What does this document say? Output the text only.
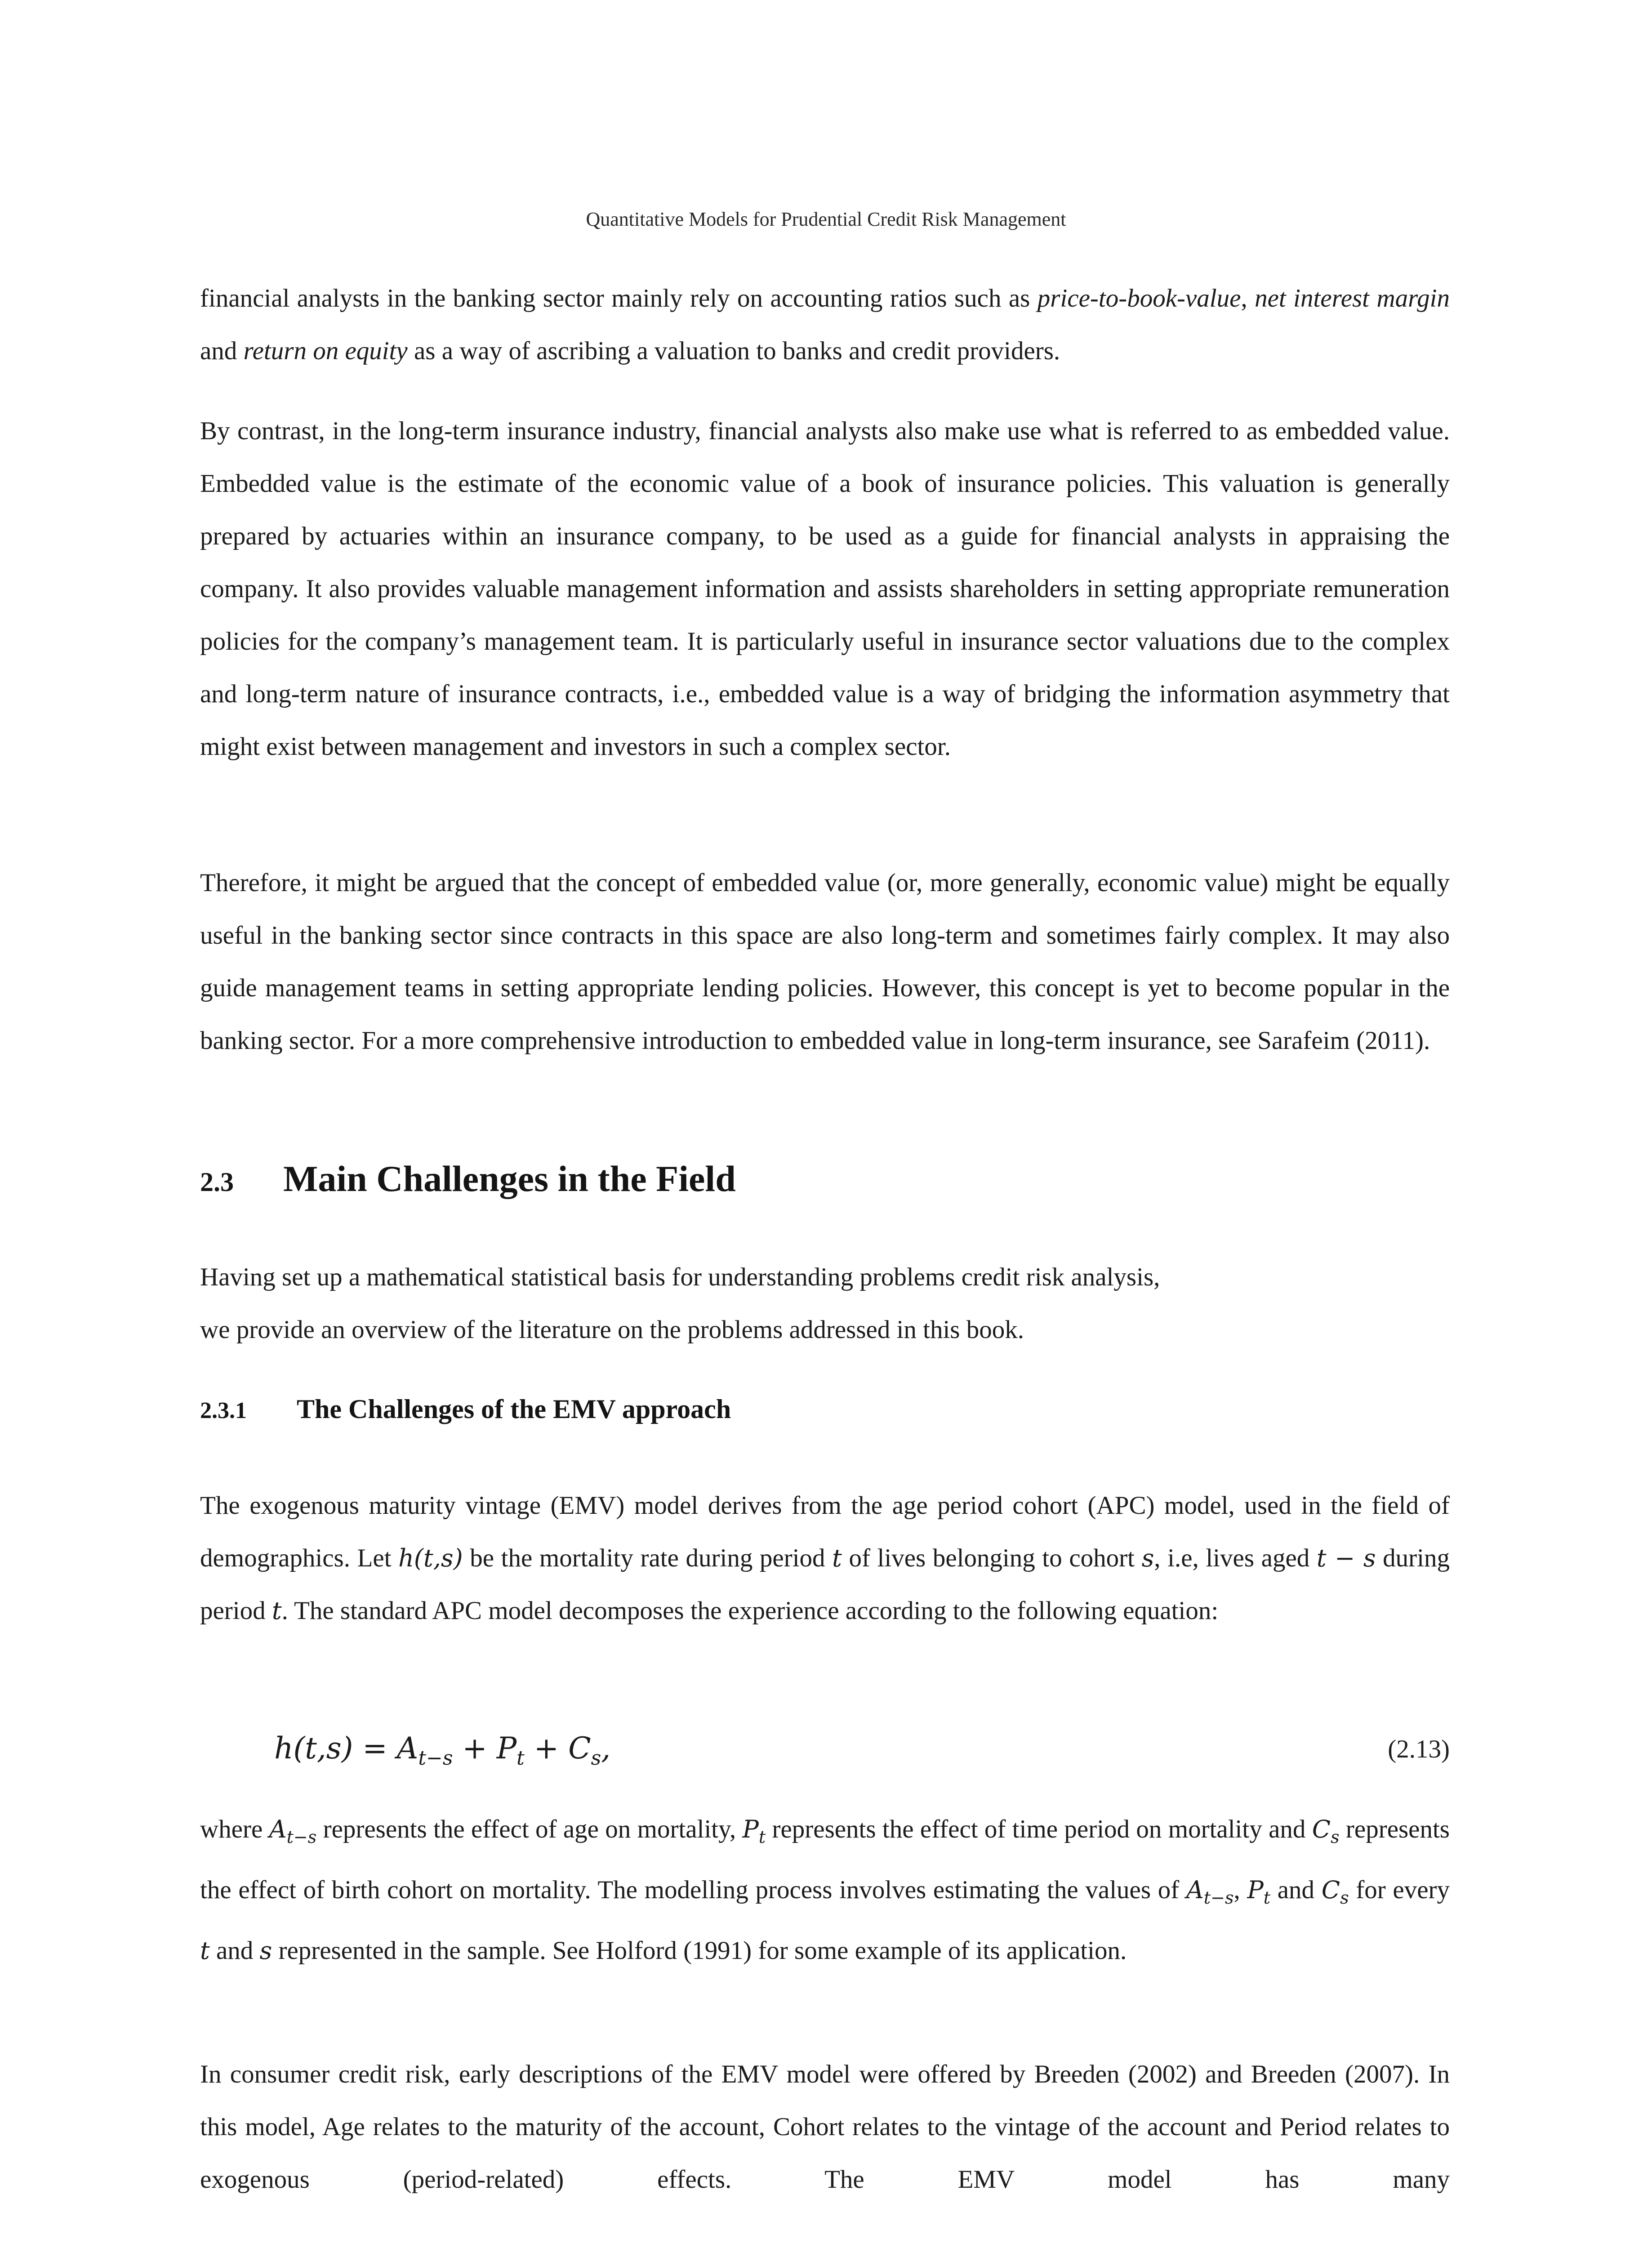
Quantitative Models for Prudential Credit Risk Management

financial analysts in the banking sector mainly rely on accounting ratios such as price-to-book-value, net interest margin and return on equity as a way of ascribing a valuation to banks and credit providers.

By contrast, in the long-term insurance industry, financial analysts also make use what is referred to as embedded value. Embedded value is the estimate of the economic value of a book of insurance policies. This valuation is generally prepared by actuaries within an insurance company, to be used as a guide for financial analysts in appraising the company. It also provides valuable management information and assists shareholders in setting appropriate remuneration policies for the company’s management team. It is particularly useful in insurance sector valuations due to the complex and long-term nature of insurance contracts, i.e., embedded value is a way of bridging the information asymmetry that might exist between management and investors in such a complex sector.

Therefore, it might be argued that the concept of embedded value (or, more generally, economic value) might be equally useful in the banking sector since contracts in this space are also long-term and sometimes fairly complex. It may also guide management teams in setting appropriate lending policies. However, this concept is yet to become popular in the banking sector. For a more comprehensive introduction to embedded value in long-term insurance, see Sarafeim (2011).

2.3 Main Challenges in the Field

Having set up a mathematical statistical basis for understanding problems credit risk analysis,
we provide an overview of the literature on the problems addressed in this book.

2.3.1 The Challenges of the EMV approach

The exogenous maturity vintage (EMV) model derives from the age period cohort (APC) model, used in the field of demographics. Let h(t,s) be the mortality rate during period t of lives belonging to cohort s, i.e, lives aged t − s during period t. The standard APC model decomposes the experience according to the following equation:

$h(t,s) = A_{t-s} + P_t + C_s$,	(2.13)

where $A_{t-s}$ represents the effect of age on mortality, $P_t$ represents the effect of time period on mortality and $C_s$ represents the effect of birth cohort on mortality. The modelling process involves estimating the values of $A_{t-s}$, $P_t$ and $C_s$ for every t and s represented in the sample. See Holford (1991) for some example of its application.

In consumer credit risk, early descriptions of the EMV model were offered by Breeden (2002) and Breeden (2007). In this model, Age relates to the maturity of the account, Cohort relates to the vintage of the account and Period relates to exogenous (period-related) effects. The EMV model has many
